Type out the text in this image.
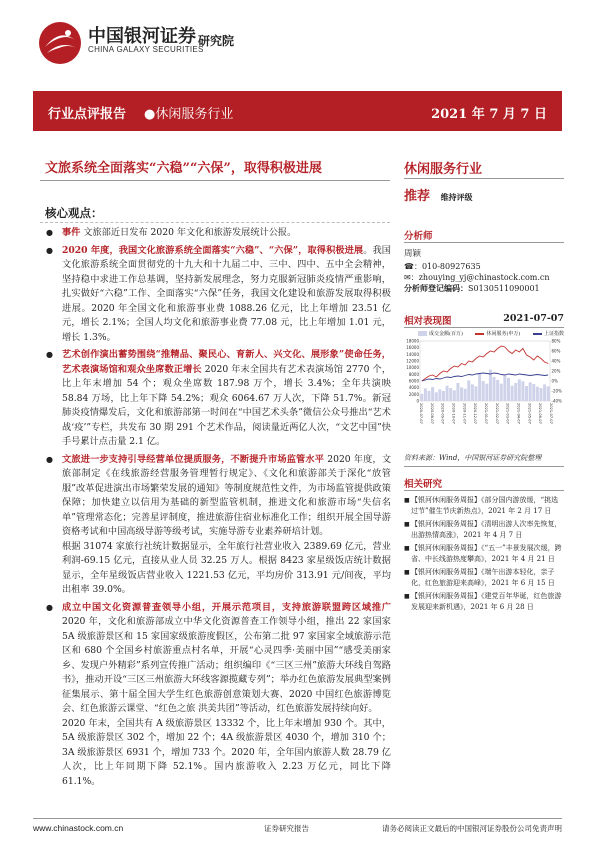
中国银河证券
CHINA GALAXY SECURITIES
研究院
行业点评报告 ●休闲服务行业	2021 年 7 月 7 日
文旅系统全面落实“六稳”“六保”，取得积极进展
核心观点：
● 事件 文旅部近日发布 2020 年文化和旅游发展统计公报。
● 2020 年度，我国文化旅游系统全面落实“六稳”、“六保”，取得积极进展。我国文化旅游系统全面贯彻党的十九大和十九届二中、三中、四中、五中全会精神，坚持稳中求进工作总基调，坚持新发展理念，努力克服新冠肺炎疫情严重影响，扎实做好“六稳”工作、全面落实“六保”任务，我国文化建设和旅游发展取得积极进展。2020 年全国文化和旅游事业费 1088.26 亿元，比上年增加 23.51 亿元，增长 2.1%；全国人均文化和旅游事业费 77.08 元，比上年增加 1.01 元，增长 1.3%。
● 艺术创作演出蓄势围绕“推精品、聚民心、育新人、兴文化、展形象”使命任务，艺术表演场馆和观众坐席数正增长 2020 年末全国共有艺术表演场馆 2770 个，比上年末增加 54 个；观众坐席数 187.98 万个，增长 3.4%；全年共演映 58.84 万场，比上年下降 54.2%；观众 6064.67 万人次，下降 51.7%。新冠肺炎疫情爆发后，文化和旅游部第一时间在“中国艺术头条”微信公众号推出“艺术战‘疫’”专栏，共发布 30 期 291 个艺术作品，阅读量近两亿人次，“文艺中国”快手号累计点击量 2.1 亿。
● 文旅进一步支持引导经营单位提质服务，不断提升市场监管水平 2020 年度，文旅部制定《在线旅游经营服务管理暂行规定》、《文化和旅游部关于深化“放管服”改革促进演出市场繁荣发展的通知》等制度规范性文件，为市场监管提供政策保障；加快建立以信用为基础的新型监管机制，推进文化和旅游市场“失信名单”管理常态化；完善星评制度，推进旅游住宿业标准化工作；组织开展全国导游资格考试和中国高级导游等级考试，实施导游专业素养研培计划。
根据 31074 家旅行社统计数据显示，全年旅行社营业收入 2389.69 亿元，营业利润-69.15 亿元，直接从业人员 32.25 万人。根据 8423 家星级饭店统计数据显示，全年星级饭店营业收入 1221.53 亿元，平均房价 313.91 元/间夜，平均出租率 39.0%。
● 成立中国文化资源普查领导小组，开展示范项目，支持旅游联盟跨区域推广 2020 年，文化和旅游部成立中华文化资源普查工作领导小组，推出 22 家国家 5A 级旅游景区和 15 家国家级旅游度假区，公布第二批 97 家国家全域旅游示范区和 680 个全国乡村旅游重点村名单，开展“心灵四季·美丽中国”“感受美丽家乡、发现户外精彩”系列宣传推广活动；组织编印《“三区三州”旅游大环线自驾路书》，推动开设“三区三州旅游大环线客源揽藏专列”；举办红色旅游发展典型案例征集展示、第十届全国大学生红色旅游创意策划大赛、2020 中国红色旅游博览会、红色旅游云课堂、“红色之旅 洪美共团”等活动，红色旅游发展持续向好。
2020 年末，全国共有 A 级旅游景区 13332 个，比上年末增加 930 个。其中，5A 级旅游景区 302 个，增加 22 个；4A 级旅游景区 4030 个，增加 310 个；3A 级旅游景区 6931 个，增加 733 个。2020 年，全年国内旅游人数 28.79 亿人次，比上年同期下降 52.1%。国内旅游收入 2.23 万亿元，同比下降 61.1%。
休闲服务行业
推荐 维持评级
分析师
周颖
☎：010-80927635
✉：zhouying_yj@chinastock.com.cn
分析师登记编码：S0130511090001
相对表现图	2021-07-07
成交金额(百万)	休闲服务(申万)	上证指数
18000
16000
14000
12000
10000
8000
6000
4000
2000
0
80%
60%
40%
20%
0%
-20%
-40%
2020-07-07 2020-08-07 2020-09-07 2020-10-07 2020-11-07 2020-12-07 2021-01-07 2021-02-07 2021-03-07 2021-04-07 2021-05-07 2021-06-07 2021-07-07
资料来源：Wind，中国银河证券研究院整理
相关研究
■ 【银河休闲服务周报】《部分国内游放缓，“挑选过节”催生节庆新热点》，2021 年 2 月 17 日
■ 【银河休闲服务周报】《清明出游人次率先恢复，出游热情高涨》，2021 年 4 月 7 日
■ 【银河休闲服务周报】《“五一”丰景发展次缓，跨省、中长线游热度攀高》，2021 年 4 月 21 日
■ 【银河休闲服务周报】《端午出游本轻化，亲子化，红色旅游迎来高峰》，2021 年 6 月 15 日
■ 【银河休闲服务周报】《建党百年华诞，红色旅游发展迎来新机遇》，2021 年 6 月 28 日
www.chinastock.com.cn	证券研究报告	请务必阅读正文最后的中国银河证券股份公司免责声明
